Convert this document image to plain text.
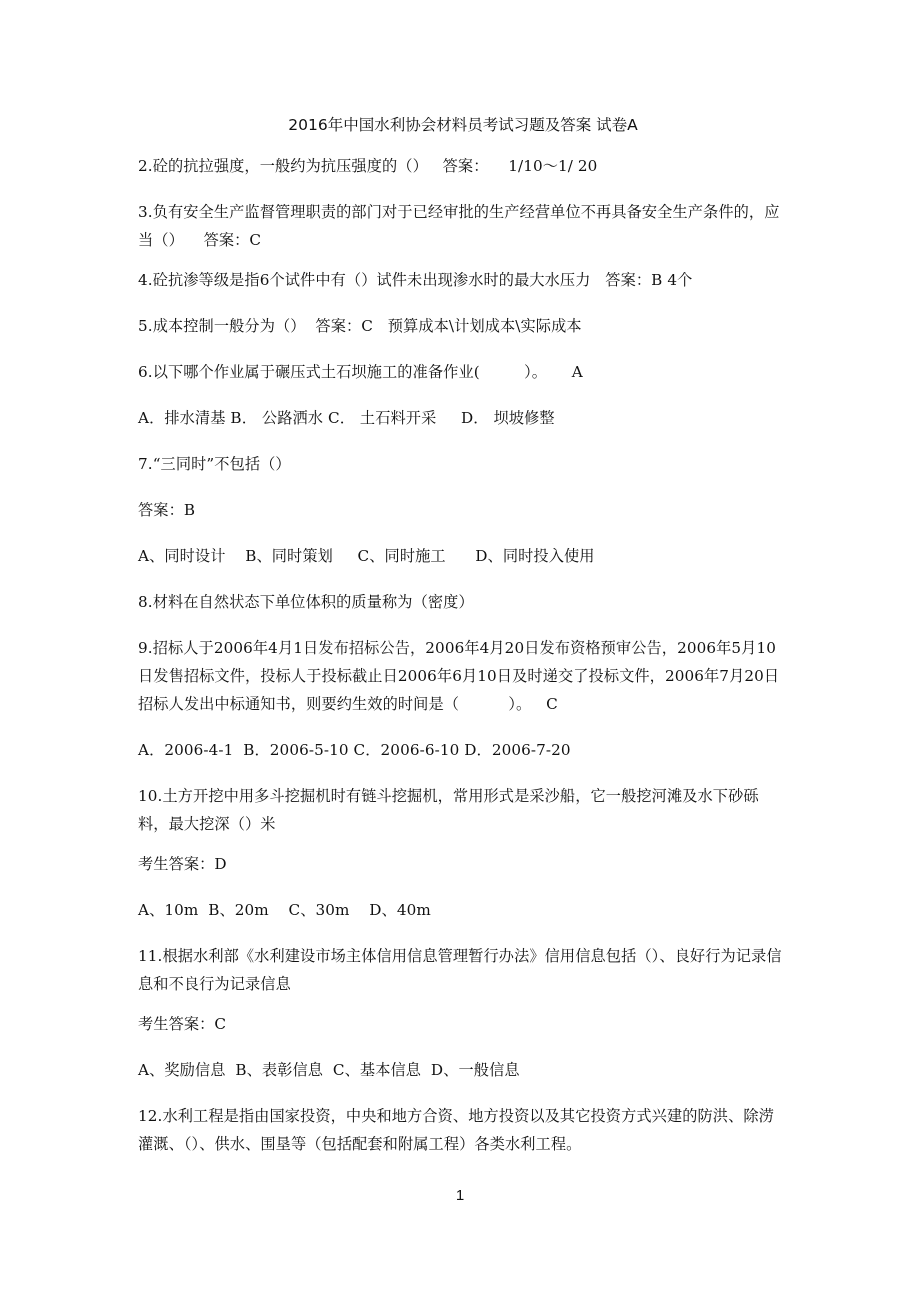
2016年中国水利协会材料员考试习题及答案 试卷A
2.砼的抗拉强度，一般约为抗压强度的（）   答案：    1/10～1/ 20
3.负有安全生产监督管理职责的部门对于已经审批的生产经营单位不再具备安全生产条件的，应当（）    答案：C
4.砼抗渗等级是指6个试件中有（）试件未出现渗水时的最大水压力   答案：B 4个
5.成本控制一般分为（）  答案：C   预算成本\计划成本\实际成本
6.以下哪个作业属于碾压式土石坝施工的准备作业(         ）。     A
A．排水清基 B． 公路洒水 C． 土石料开采     D． 坝坡修整
7.“三同时”不包括（）
答案：B
A、同时设计    B、同时策划     C、同时施工      D、同时投入使用
8.材料在自然状态下单位体积的质量称为（密度）
9.招标人于2006年4月1日发布招标公告，2006年4月20日发布资格预审公告，2006年5月10日发售招标文件，投标人于投标截止日2006年6月10日及时递交了投标文件，2006年7月20日招标人发出中标通知书，则要约生效的时间是（          ）。   C
A．2006-4-1  B．2006-5-10 C．2006-6-10 D．2006-7-20
10.土方开挖中用多斗挖掘机时有链斗挖掘机，常用形式是采沙船，它一般挖河滩及水下砂砾料，最大挖深（）米
考生答案：D
A、10m  B、20m    C、30m    D、40m
11.根据水利部《水利建设市场主体信用信息管理暂行办法》信用信息包括（）、良好行为记录信息和不良行为记录信息
考生答案：C
A、奖励信息  B、表彰信息  C、基本信息  D、一般信息
12.水利工程是指由国家投资，中央和地方合资、地方投资以及其它投资方式兴建的防洪、除涝灌溉、（）、供水、围垦等（包括配套和附属工程）各类水利工程。
1
